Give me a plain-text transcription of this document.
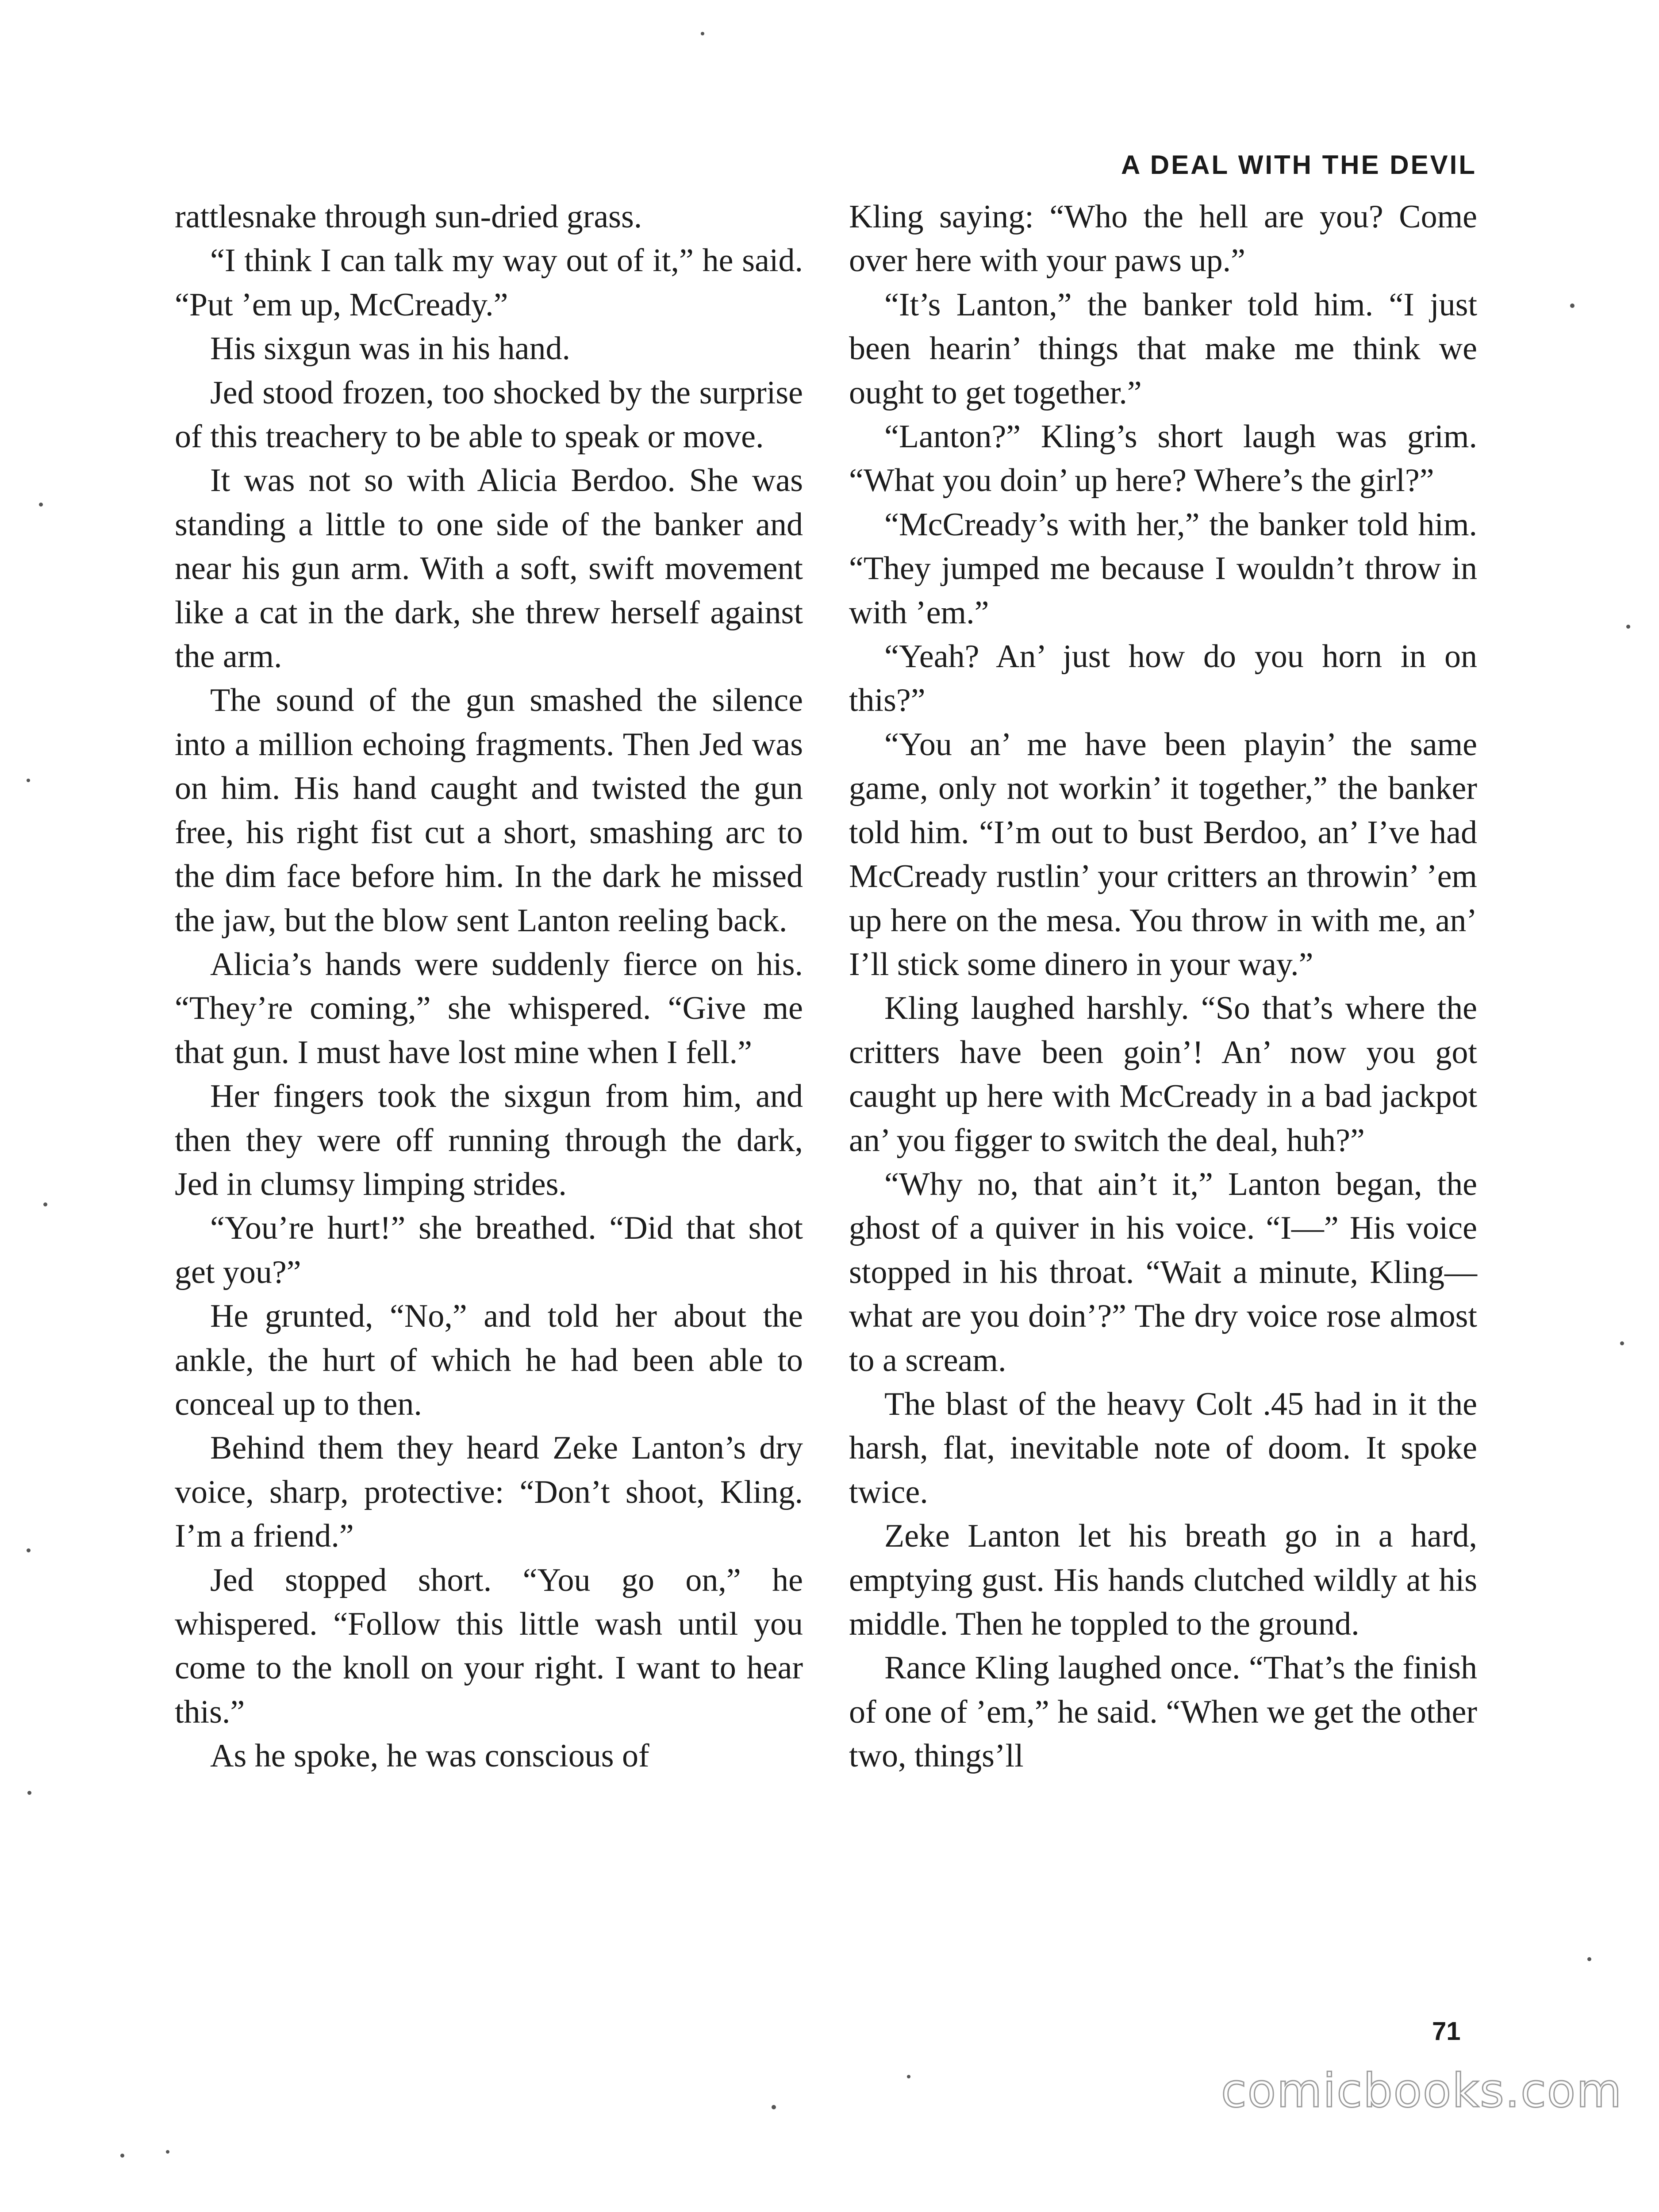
A DEAL WITH THE DEVIL

rattlesnake through sun-dried grass.

“I think I can talk my way out of it,” he said. “Put ’em up, McCready.”

His sixgun was in his hand.

Jed stood frozen, too shocked by the surprise of this treachery to be able to speak or move.

It was not so with Alicia Berdoo. She was standing a little to one side of the banker and near his gun arm. With a soft, swift movement like a cat in the dark, she threw herself against the arm.

The sound of the gun smashed the silence into a million echoing fragments. Then Jed was on him. His hand caught and twisted the gun free, his right fist cut a short, smashing arc to the dim face before him. In the dark he missed the jaw, but the blow sent Lanton reeling back.

Alicia’s hands were suddenly fierce on his. “They’re coming,” she whispered. “Give me that gun. I must have lost mine when I fell.”

Her fingers took the sixgun from him, and then they were off running through the dark, Jed in clumsy limping strides.

“You’re hurt!” she breathed. “Did that shot get you?”

He grunted, “No,” and told her about the ankle, the hurt of which he had been able to conceal up to then.

Behind them they heard Zeke Lanton’s dry voice, sharp, protective: “Don’t shoot, Kling. I’m a friend.”

Jed stopped short. “You go on,” he whispered. “Follow this little wash until you come to the knoll on your right. I want to hear this.”

As he spoke, he was conscious of

Kling saying: “Who the hell are you? Come over here with your paws up.”

“It’s Lanton,” the banker told him. “I just been hearin’ things that make me think we ought to get together.”

“Lanton?” Kling’s short laugh was grim. “What you doin’ up here? Where’s the girl?”

“McCready’s with her,” the banker told him. “They jumped me because I wouldn’t throw in with ’em.”

“Yeah? An’ just how do you horn in on this?”

“You an’ me have been playin’ the same game, only not workin’ it together,” the banker told him. “I’m out to bust Berdoo, an’ I’ve had McCready rustlin’ your critters an throwin’ ’em up here on the mesa. You throw in with me, an’ I’ll stick some dinero in your way.”

Kling laughed harshly. “So that’s where the critters have been goin’! An’ now you got caught up here with McCready in a bad jackpot an’ you figger to switch the deal, huh?”

“Why no, that ain’t it,” Lanton began, the ghost of a quiver in his voice. “I—” His voice stopped in his throat. “Wait a minute, Kling—what are you doin’?” The dry voice rose almost to a scream.

The blast of the heavy Colt .45 had in it the harsh, flat, inevitable note of doom. It spoke twice.

Zeke Lanton let his breath go in a hard, emptying gust. His hands clutched wildly at his middle. Then he toppled to the ground.

Rance Kling laughed once. “That’s the finish of one of ’em,” he said. “When we get the other two, things’ll

71
comicbooks.com
